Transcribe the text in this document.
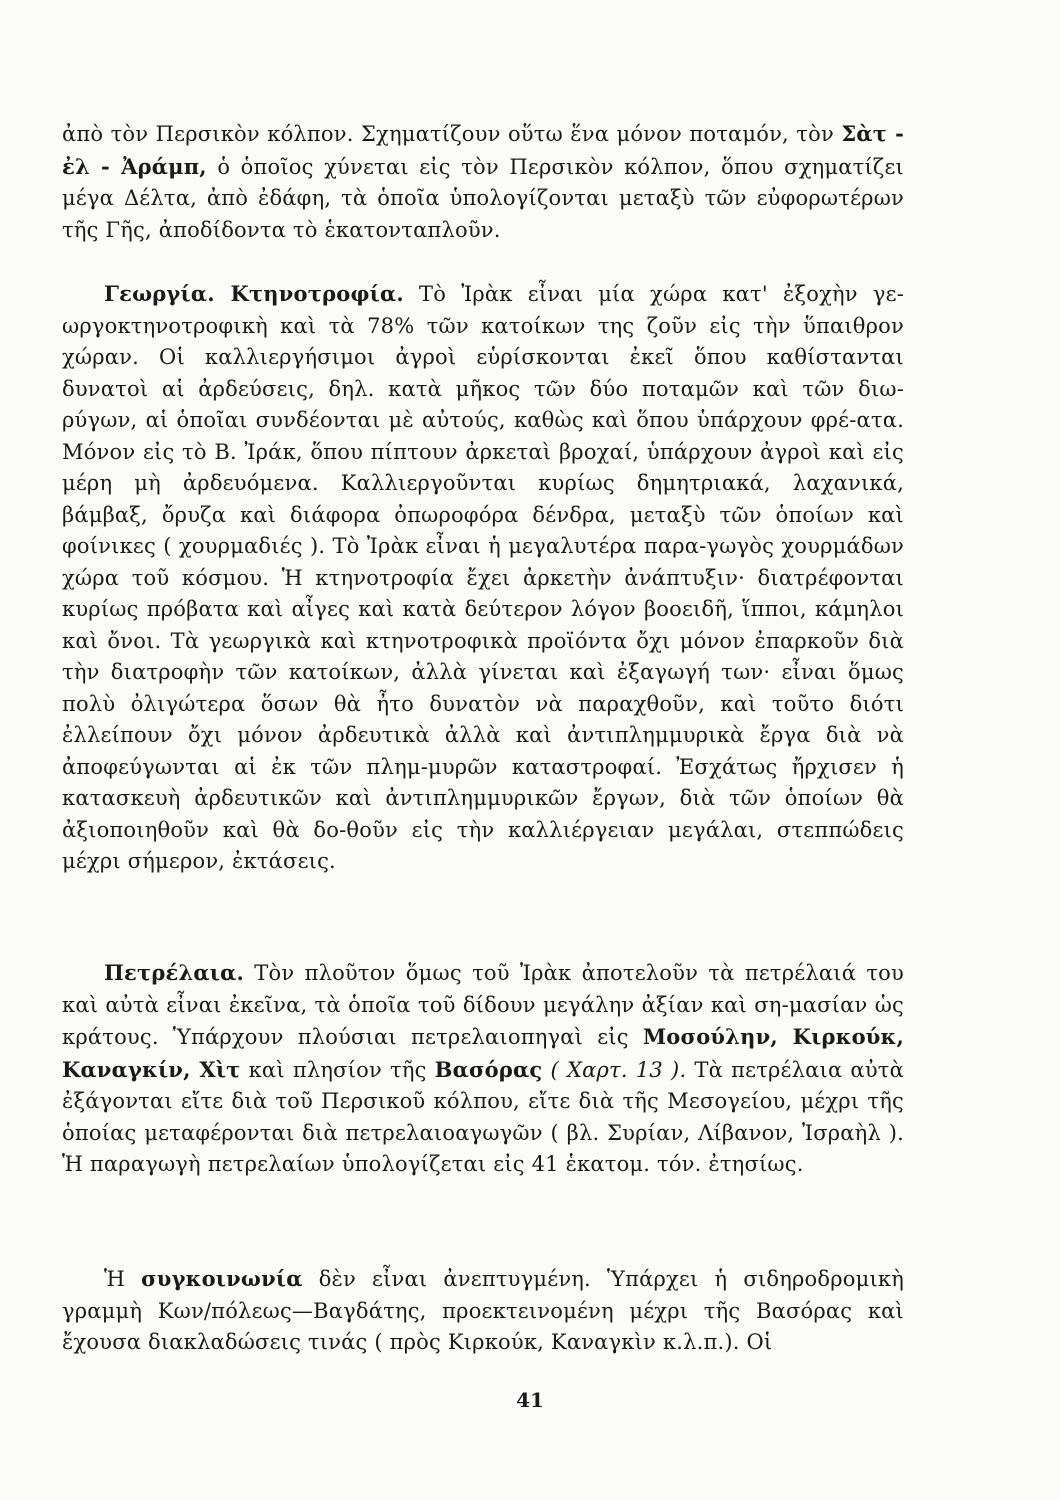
ἀπὸ τὸν Περσικὸν κόλπον. Σχηματίζουν οὕτω ἕνα μόνον ποταμόν, τὸν Σὰτ - ἐλ - Ἀράμπ, ὁ ὁποῖος χύνεται εἰς τὸν Περσικὸν κόλπον, ὅπου σχηματίζει μέγα Δέλτα, ἀπὸ ἐδάφη, τὰ ὁποῖα ὑπολογίζονται μεταξὺ τῶν εὐφορωτέρων τῆς Γῆς, ἀποδίδοντα τὸ ἑκατονταπλοῦν.

Γεωργία. Κτηνοτροφία. Τὸ Ἰρὰκ εἶναι μία χώρα κατ' ἐξοχὴν γε-ωργοκτηνοτροφικὴ καὶ τὰ 78% τῶν κατοίκων της ζοῦν εἰς τὴν ὕπαιθρον χώραν. Οἱ καλλιεργήσιμοι ἀγροὶ εὑρίσκονται ἐκεῖ ὅπου καθίστανται δυνατοὶ αἱ ἀρδεύσεις, δηλ. κατὰ μῆκος τῶν δύο ποταμῶν καὶ τῶν διω-ρύγων, αἱ ὁποῖαι συνδέονται μὲ αὐτούς, καθὼς καὶ ὅπου ὑπάρχουν φρέ-ατα. Μόνον εἰς τὸ Β. Ἰράκ, ὅπου πίπτουν ἀρκεταὶ βροχαί, ὑπάρχουν ἀγροὶ καὶ εἰς μέρη μὴ ἀρδευόμενα. Καλλιεργοῦνται κυρίως δημητριακά, λαχανικά, βάμβαξ, ὄρυζα καὶ διάφορα ὀπωροφόρα δένδρα, μεταξὺ τῶν ὁποίων καὶ φοίνικες ( χουρμαδιές ). Τὸ Ἰρὰκ εἶναι ἡ μεγαλυτέρα παρα-γωγὸς χουρμάδων χώρα τοῦ κόσμου. Ἡ κτηνοτροφία ἔχει ἀρκετὴν ἀνάπτυξιν· διατρέφονται κυρίως πρόβατα καὶ αἶγες καὶ κατὰ δεύτερον λόγον βοοειδῆ, ἵπποι, κάμηλοι καὶ ὄνοι. Τὰ γεωργικὰ καὶ κτηνοτροφικὰ προϊόντα ὄχι μόνον ἐπαρκοῦν διὰ τὴν διατροφὴν τῶν κατοίκων, ἀλλὰ γίνεται καὶ ἐξαγωγή των· εἶναι ὅμως πολὺ ὀλιγώτερα ὅσων θὰ ἦτο δυνατὸν νὰ παραχθοῦν, καὶ τοῦτο διότι ἐλλείπουν ὄχι μόνον ἀρδευτικὰ ἀλλὰ καὶ ἀντιπλημμυρικὰ ἔργα διὰ νὰ ἀποφεύγωνται αἱ ἐκ τῶν πλημ-μυρῶν καταστροφαί. Ἐσχάτως ἤρχισεν ἡ κατασκευὴ ἀρδευτικῶν καὶ ἀντιπλημμυρικῶν ἔργων, διὰ τῶν ὁποίων θὰ ἀξιοποιηθοῦν καὶ θὰ δο-θοῦν εἰς τὴν καλλιέργειαν μεγάλαι, στεππώδεις μέχρι σήμερον, ἐκτάσεις.

Πετρέλαια. Τὸν πλοῦτον ὅμως τοῦ Ἰρὰκ ἀποτελοῦν τὰ πετρέλαιά του καὶ αὐτὰ εἶναι ἐκεῖνα, τὰ ὁποῖα τοῦ δίδουν μεγάλην ἀξίαν καὶ ση-μασίαν ὡς κράτους. Ὑπάρχουν πλούσιαι πετρελαιοπηγαὶ εἰς Μοσούλην, Κιρκούκ, Καναγκίν, Χὶτ καὶ πλησίον τῆς Βασόρας ( Χαρτ. 13 ). Τὰ πετρέλαια αὐτὰ ἐξάγονται εἴτε διὰ τοῦ Περσικοῦ κόλπου, εἴτε διὰ τῆς Μεσογείου, μέχρι τῆς ὁποίας μεταφέρονται διὰ πετρελαιοαγωγῶν ( βλ. Συρίαν, Λίβανον, Ἰσραὴλ ). Ἡ παραγωγὴ πετρελαίων ὑπολογίζεται εἰς 41 ἑκατομ. τόν. ἐτησίως.

Ἡ συγκοινωνία δὲν εἶναι ἀνεπτυγμένη. Ὑπάρχει ἡ σιδηροδρομικὴ γραμμὴ Κων/πόλεως—Βαγδάτης, προεκτεινομένη μέχρι τῆς Βασόρας καὶ ἔχουσα διακλαδώσεις τινάς ( πρὸς Κιρκούκ, Καναγκὶν κ.λ.π.). Οἱ

41
